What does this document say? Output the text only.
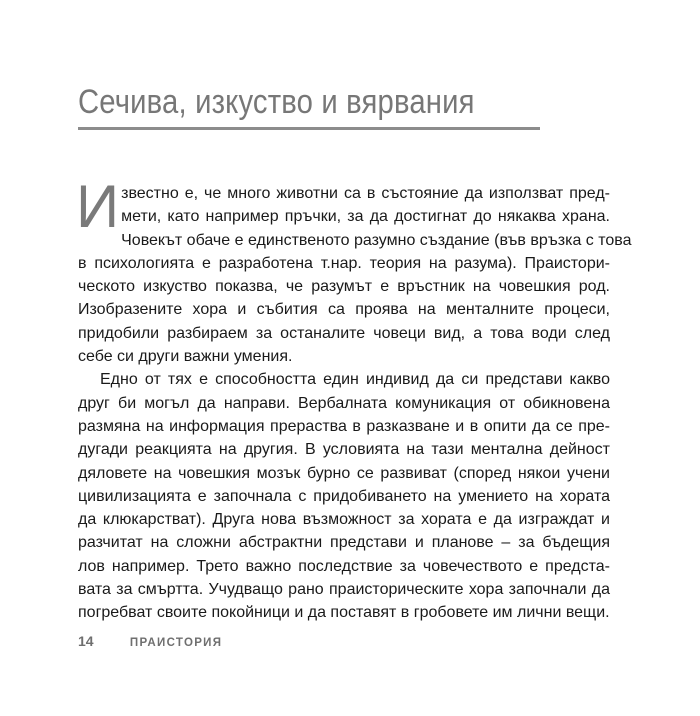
Сечива, изкуство и вярвания
И звестно е, че много животни са в състояние да използват пред-
мети, като например пръчки, за да достигнат до някаква храна.
Човекът обаче е единственото разумно създание (във връзка с това
в психологията е разработена т.нар. теория на разума). Праистори-
ческото изкуство показва, че разумът е връстник на човешкия род.
Изобразените хора и събития са проява на менталните процеси,
придобили разбираем за останалите човеци вид, а това води след
себе си други важни умения.
Едно от тях е способността един индивид да си представи какво
друг би могъл да направи. Вербалната комуникация от обикновена
размяна на информация прераства в разказване и в опити да се пре-
дугади реакцията на другия. В условията на тази ментална дейност
дяловете на човешкия мозък бурно се развиват (според някои учени
цивилизацията е започнала с придобиването на умението на хората
да клюкарстват). Друга нова възможност за хората е да изграждат и
разчитат на сложни абстрактни представи и планове – за бъдещия
лов например. Трето важно последствие за човечеството е предста-
вата за смъртта. Учудващо рано праисторическите хора започнали да
погребват своите покойници и да поставят в гробовете им лични вещи.
14	ПРАИСТОРИЯ
